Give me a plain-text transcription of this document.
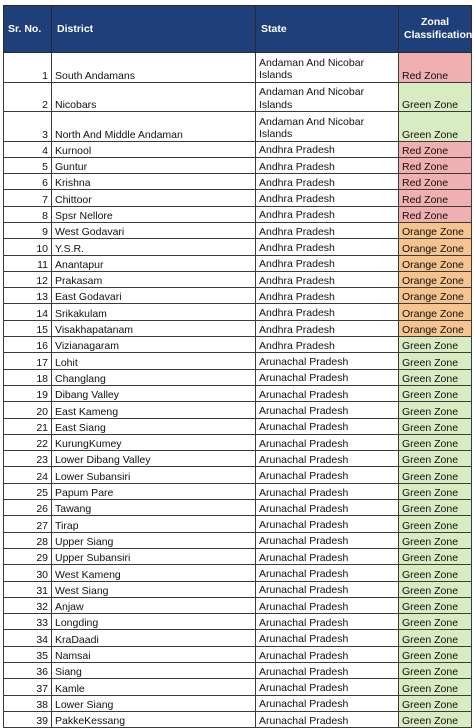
Sr. No.	District	State	Zonal Classification
1	South Andamans	Andaman And Nicobar Islands	Red Zone
2	Nicobars	Andaman And Nicobar Islands	Green Zone
3	North And Middle Andaman	Andaman And Nicobar Islands	Green Zone
4	Kurnool	Andhra Pradesh	Red Zone
5	Guntur	Andhra Pradesh	Red Zone
6	Krishna	Andhra Pradesh	Red Zone
7	Chittoor	Andhra Pradesh	Red Zone
8	Spsr Nellore	Andhra Pradesh	Red Zone
9	West Godavari	Andhra Pradesh	Orange Zone
10	Y.S.R.	Andhra Pradesh	Orange Zone
11	Anantapur	Andhra Pradesh	Orange Zone
12	Prakasam	Andhra Pradesh	Orange Zone
13	East Godavari	Andhra Pradesh	Orange Zone
14	Srikakulam	Andhra Pradesh	Orange Zone
15	Visakhapatanam	Andhra Pradesh	Orange Zone
16	Vizianagaram	Andhra Pradesh	Green Zone
17	Lohit	Arunachal Pradesh	Green Zone
18	Changlang	Arunachal Pradesh	Green Zone
19	Dibang Valley	Arunachal Pradesh	Green Zone
20	East Kameng	Arunachal Pradesh	Green Zone
21	East Siang	Arunachal Pradesh	Green Zone
22	KurungKumey	Arunachal Pradesh	Green Zone
23	Lower Dibang Valley	Arunachal Pradesh	Green Zone
24	Lower Subansiri	Arunachal Pradesh	Green Zone
25	Papum Pare	Arunachal Pradesh	Green Zone
26	Tawang	Arunachal Pradesh	Green Zone
27	Tirap	Arunachal Pradesh	Green Zone
28	Upper Siang	Arunachal Pradesh	Green Zone
29	Upper Subansiri	Arunachal Pradesh	Green Zone
30	West Kameng	Arunachal Pradesh	Green Zone
31	West Siang	Arunachal Pradesh	Green Zone
32	Anjaw	Arunachal Pradesh	Green Zone
33	Longding	Arunachal Pradesh	Green Zone
34	KraDaadi	Arunachal Pradesh	Green Zone
35	Namsai	Arunachal Pradesh	Green Zone
36	Siang	Arunachal Pradesh	Green Zone
37	Kamle	Arunachal Pradesh	Green Zone
38	Lower Siang	Arunachal Pradesh	Green Zone
39	PakkeKessang	Arunachal Pradesh	Green Zone
